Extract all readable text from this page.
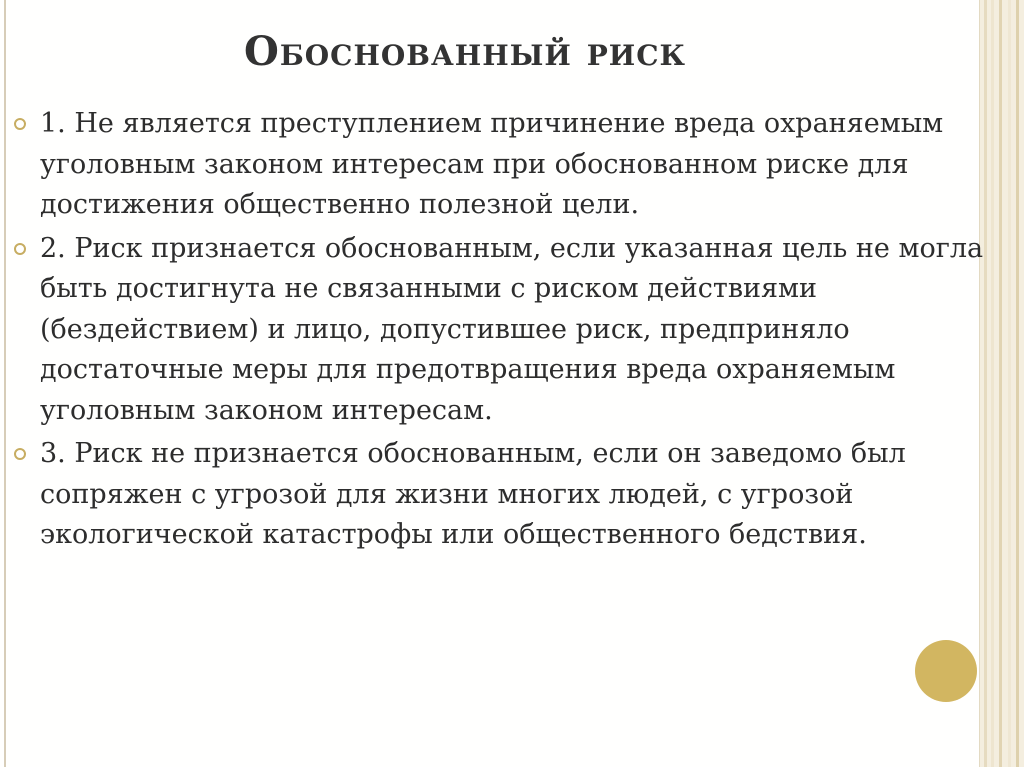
Обоснованный риск
1. Не является преступлением причинение вреда охраняемым уголовным законом интересам при обоснованном риске для достижения общественно полезной цели.
2. Риск признается обоснованным, если указанная цель не могла быть достигнута не связанными с риском действиями (бездействием) и лицо, допустившее риск, предприняло достаточные меры для предотвращения вреда охраняемым уголовным законом интересам.
3. Риск не признается обоснованным, если он заведомо был сопряжен с угрозой для жизни многих людей, с угрозой экологической катастрофы или общественного бедствия.
